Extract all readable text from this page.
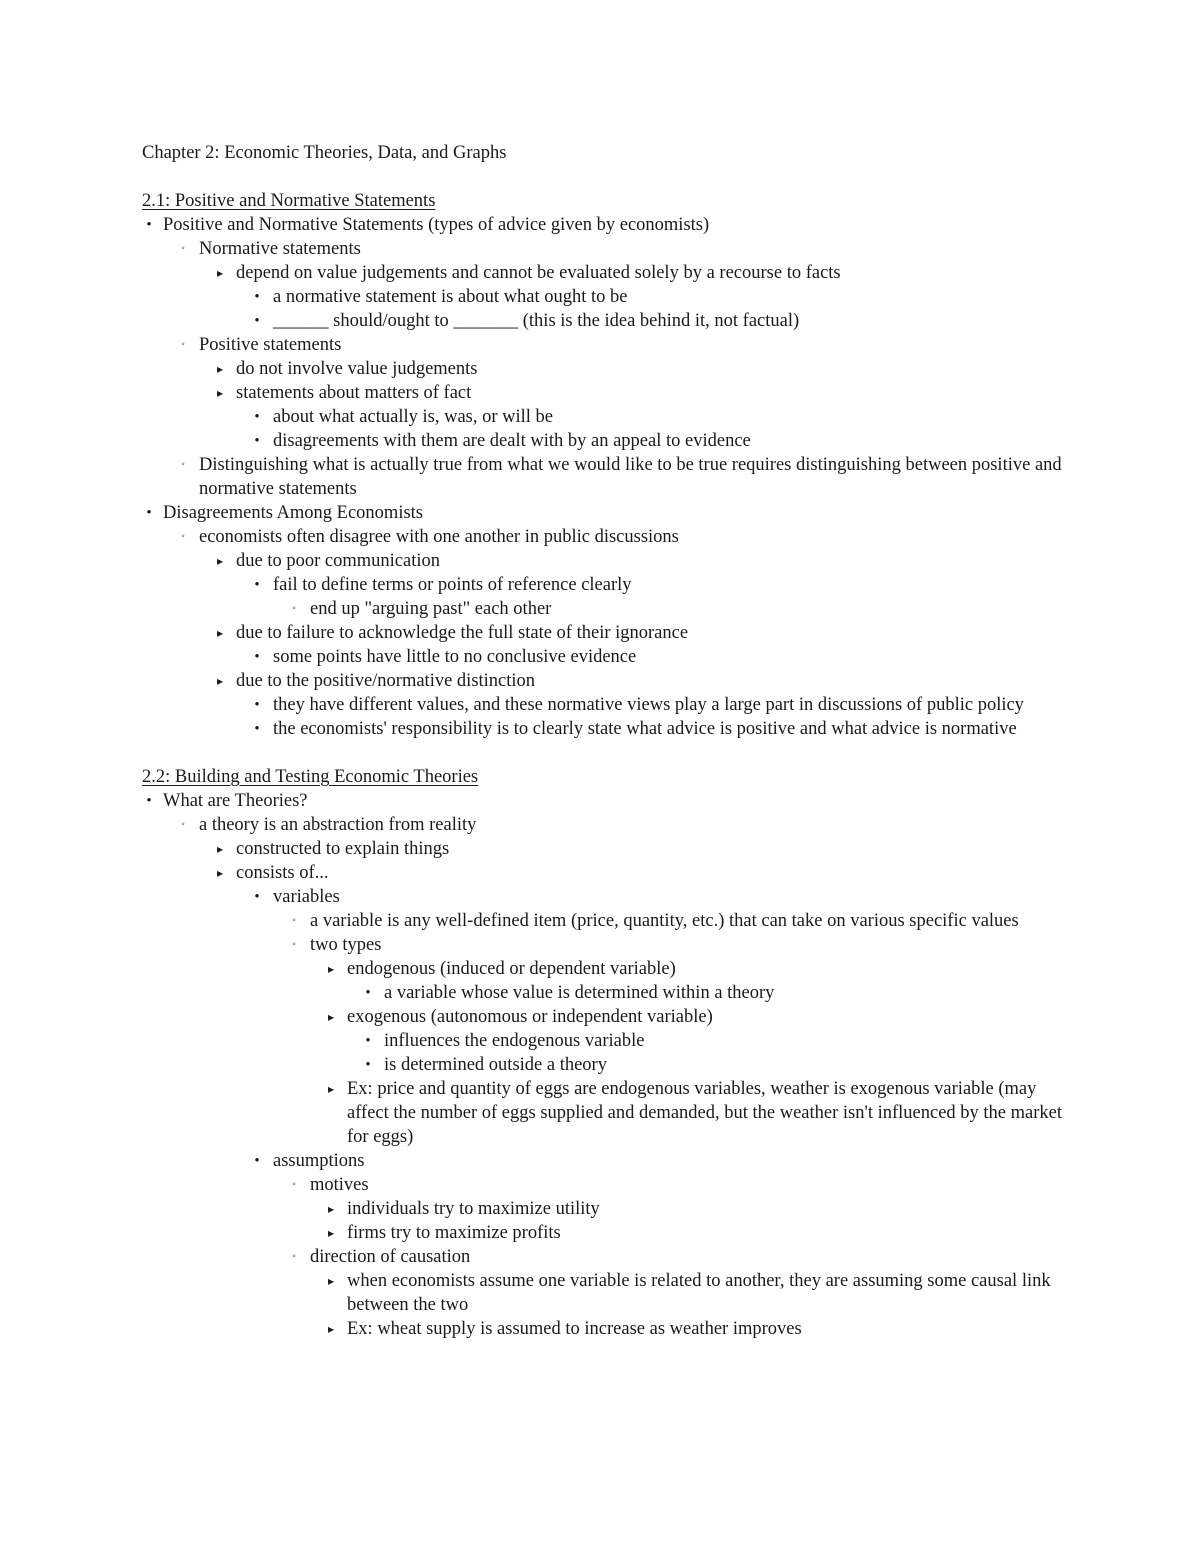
Chapter 2: Economic Theories, Data, and Graphs
2.1: Positive and Normative Statements
• Positive and Normative Statements (types of advice given by economists)
◦ Normative statements
▸ depend on value judgements and cannot be evaluated solely by a recourse to facts
• a normative statement is about what ought to be
• ______ should/ought to _______ (this is the idea behind it, not factual)
◦ Positive statements
▸ do not involve value judgements
▸ statements about matters of fact
• about what actually is, was, or will be
• disagreements with them are dealt with by an appeal to evidence
◦ Distinguishing what is actually true from what we would like to be true requires distinguishing between positive and normative statements
• Disagreements Among Economists
◦ economists often disagree with one another in public discussions
▸ due to poor communication
• fail to define terms or points of reference clearly
◦ end up "arguing past" each other
▸ due to failure to acknowledge the full state of their ignorance
• some points have little to no conclusive evidence
▸ due to the positive/normative distinction
• they have different values, and these normative views play a large part in discussions of public policy
• the economists' responsibility is to clearly state what advice is positive and what advice is normative
2.2: Building and Testing Economic Theories
• What are Theories?
◦ a theory is an abstraction from reality
▸ constructed to explain things
▸ consists of...
• variables
◦ a variable is any well-defined item (price, quantity, etc.) that can take on various specific values
◦ two types
▸ endogenous (induced or dependent variable)
• a variable whose value is determined within a theory
▸ exogenous (autonomous or independent variable)
• influences the endogenous variable
• is determined outside a theory
▸ Ex: price and quantity of eggs are endogenous variables, weather is exogenous variable (may affect the number of eggs supplied and demanded, but the weather isn't influenced by the market for eggs)
• assumptions
◦ motives
▸ individuals try to maximize utility
▸ firms try to maximize profits
◦ direction of causation
▸ when economists assume one variable is related to another, they are assuming some causal link between the two
▸ Ex: wheat supply is assumed to increase as weather improves
